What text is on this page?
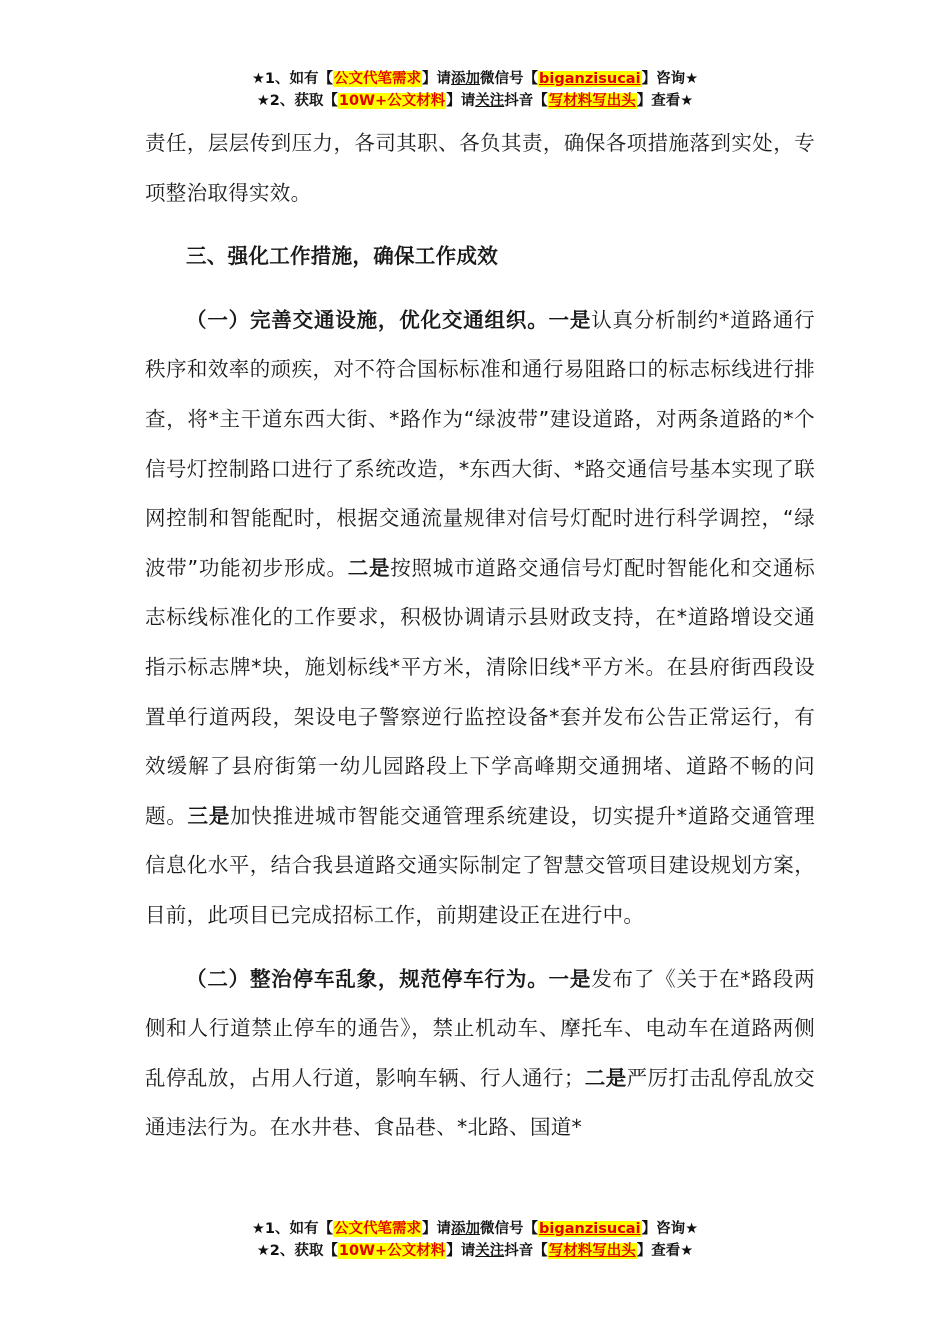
★1、如有【公文代笔需求】请添加微信号【biganzisucai】咨询★
★2、获取【10W+公文材料】请关注抖音【写材料写出头】查看★

责任，层层传到压力，各司其职、各负其责，确保各项措施落到实处，专项整治取得实效。

三、强化工作措施，确保工作成效

（一）完善交通设施，优化交通组织。一是认真分析制约*道路通行秩序和效率的顽疾，对不符合国标标准和通行易阻路口的标志标线进行排查，将*主干道东西大街、*路作为“绿波带”建设道路，对两条道路的*个信号灯控制路口进行了系统改造，*东西大街、*路交通信号基本实现了联网控制和智能配时，根据交通流量规律对信号灯配时进行科学调控，“绿波带”功能初步形成。二是按照城市道路交通信号灯配时智能化和交通标志标线标准化的工作要求，积极协调请示县财政支持，在*道路增设交通指示标志牌*块，施划标线*平方米，清除旧线*平方米。在县府街西段设置单行道两段，架设电子警察逆行监控设备*套并发布公告正常运行，有效缓解了县府街第一幼儿园路段上下学高峰期交通拥堵、道路不畅的问题。三是加快推进城市智能交通管理系统建设，切实提升*道路交通管理信息化水平，结合我县道路交通实际制定了智慧交管项目建设规划方案，目前，此项目已完成招标工作，前期建设正在进行中。

（二）整治停车乱象，规范停车行为。一是发布了《关于在*路段两侧和人行道禁止停车的通告》，禁止机动车、摩托车、电动车在道路两侧乱停乱放，占用人行道，影响车辆、行人通行；二是严厉打击乱停乱放交通违法行为。在水井巷、食品巷、*北路、国道*

★1、如有【公文代笔需求】请添加微信号【biganzisucai】咨询★
★2、获取【10W+公文材料】请关注抖音【写材料写出头】查看★
